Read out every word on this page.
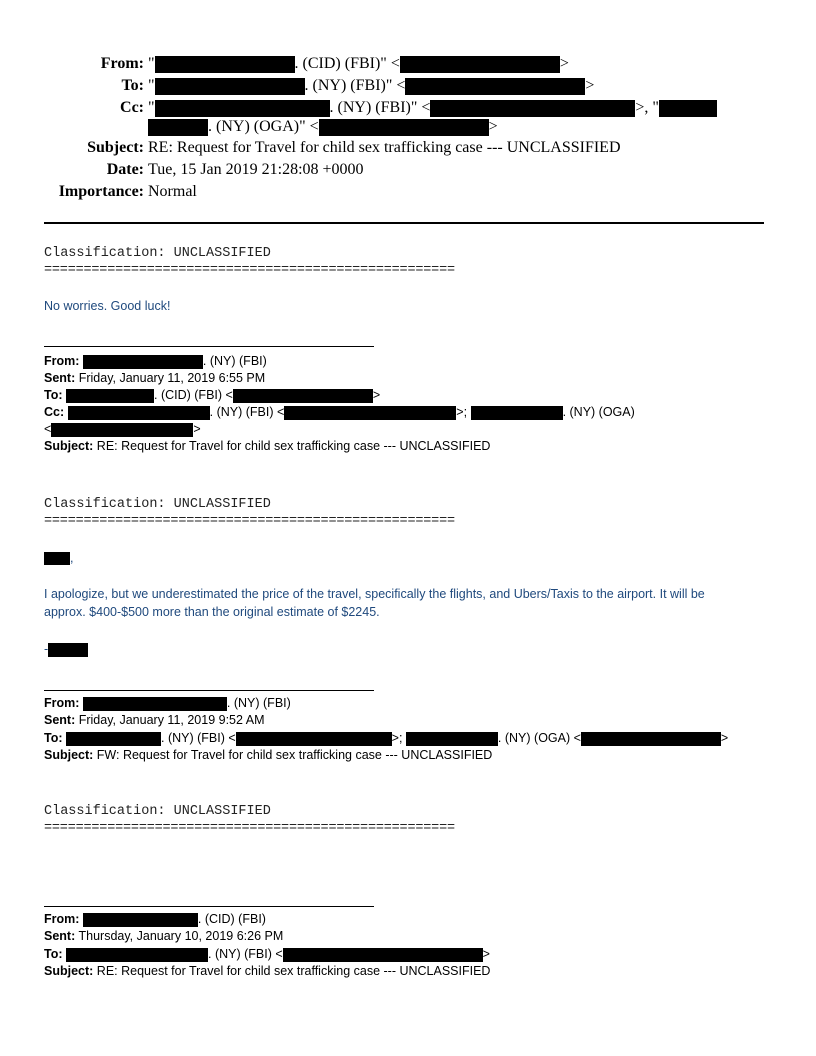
From: "	. (CID) (FBI)" <	>
To: "	. (NY) (FBI)" <	>
Cc: "	. (NY) (FBI)" <	>, "
. (NY) (OGA)" <	>
Subject: RE: Request for Travel for child sex trafficking case --- UNCLASSIFIED
Date: Tue, 15 Jan 2019 21:28:08 +0000
Importance: Normal
Classification: UNCLASSIFIED
====================================================
No worries. Good luck!
From:	. (NY) (FBI)
Sent: Friday, January 11, 2019 6:55 PM
To:	. (CID) (FBI) <	>
Cc:	. (NY) (FBI) <	>;	. (NY) (OGA)
<	>
Subject: RE: Request for Travel for child sex trafficking case --- UNCLASSIFIED
Classification: UNCLASSIFIED
====================================================
,
I apologize, but we underestimated the price of the travel, specifically the flights, and Ubers/Taxis to the airport. It will be
approx. $400-$500 more than the original estimate of $2245.
-
From:	. (NY) (FBI)
Sent: Friday, January 11, 2019 9:52 AM
To:	. (NY) (FBI) <	>;	. (NY) (OGA) <	>
Subject: FW: Request for Travel for child sex trafficking case --- UNCLASSIFIED
Classification: UNCLASSIFIED
====================================================
From:	. (CID) (FBI)
Sent: Thursday, January 10, 2019 6:26 PM
To:	. (NY) (FBI) <	>
Subject: RE: Request for Travel for child sex trafficking case --- UNCLASSIFIED
